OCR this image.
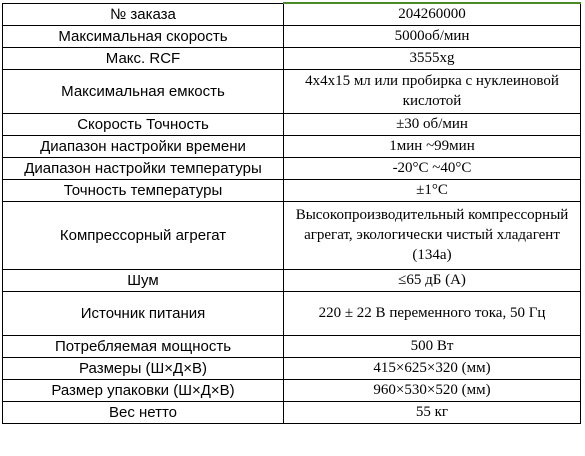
№ заказа	204260000
Максимальная скорость	5000об/мин
Макс. RCF	3555xg
Максимальная емкость	4x4x15 мл или пробирка с нуклеиновой кислотой
Скорость Точность	±30 об/мин
Диапазон настройки времени	1мин ~99мин
Диапазон настройки температуры	-20°C ~40°C
Точность температуры	±1°C
Компрессорный агрегат	Высокопроизводительный компрессорный агрегат, экологически чистый хладагент (134a)
Шум	≤65 дБ (A)
Источник питания	220 ± 22 В переменного тока, 50 Гц
Потребляемая мощность	500 Вт
Размеры (Ш×Д×В)	415×625×320 (мм)
Размер упаковки (Ш×Д×В)	960×530×520 (мм)
Вес нетто	55 кг
